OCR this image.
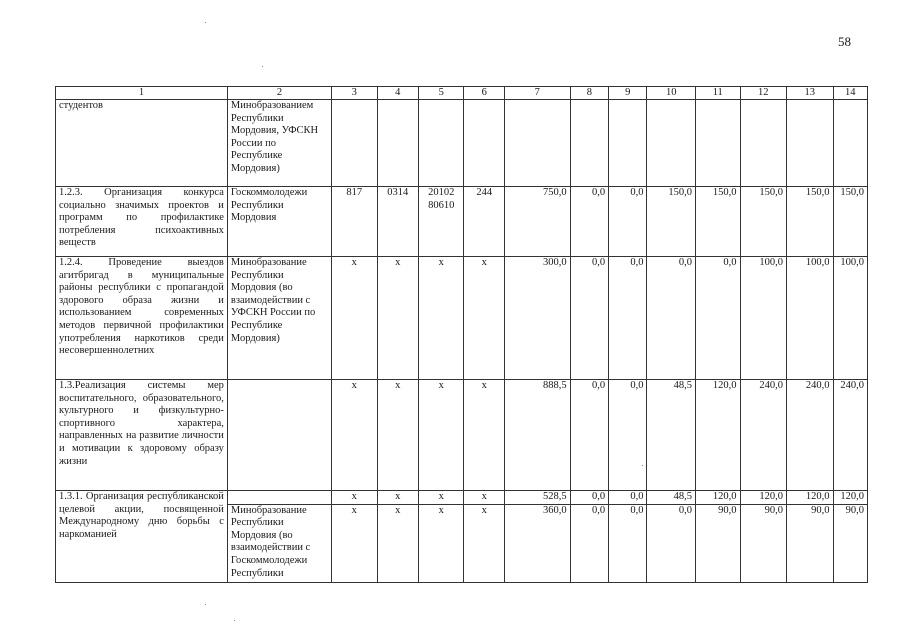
58
1	2	3	4	5	6	7	8	9	10	11	12	13	14
студентов	Минобразованием Республики Мордовия, УФСКН России по Республике Мордовия)												
1.2.3. Организация конкурса социально значимых проектов и программ по профилактике потребления психоактивных веществ	Госкоммолодежи Республики Мордовия	817	0314	20102 80610	244	750,0	0,0	0,0	150,0	150,0	150,0	150,0	150,0
1.2.4. Проведение выездов агитбригад в муниципальные районы республики с пропагандой здорового образа жизни и использованием современных методов первичной профилактики употребления наркотиков среди несовершеннолетних	Минобразование Республики Мордовия (во взаимодействии с УФСКН России по Республике Мордовия)	x	x	x	x	300,0	0,0	0,0	0,0	0,0	100,0	100,0	100,0
1.3.Реализация системы мер воспитательного, образовательного, культурного и физкультурно-спортивного характера, направленных на развитие личности и мотивации к здоровому образу жизни		x	x	x	x	888,5	0,0	0,0	48,5	120,0	240,0	240,0	240,0
1.3.1. Организация республиканской целевой акции, посвященной Международному дню борьбы с наркоманией		x	x	x	x	528,5	0,0	0,0	48,5	120,0	120,0	120,0	120,0
	Минобразование Республики Мордовия (во взаимодействии с Госкоммолодежи Республики	x	x	x	x	360,0	0,0	0,0	0,0	90,0	90,0	90,0	90,0
